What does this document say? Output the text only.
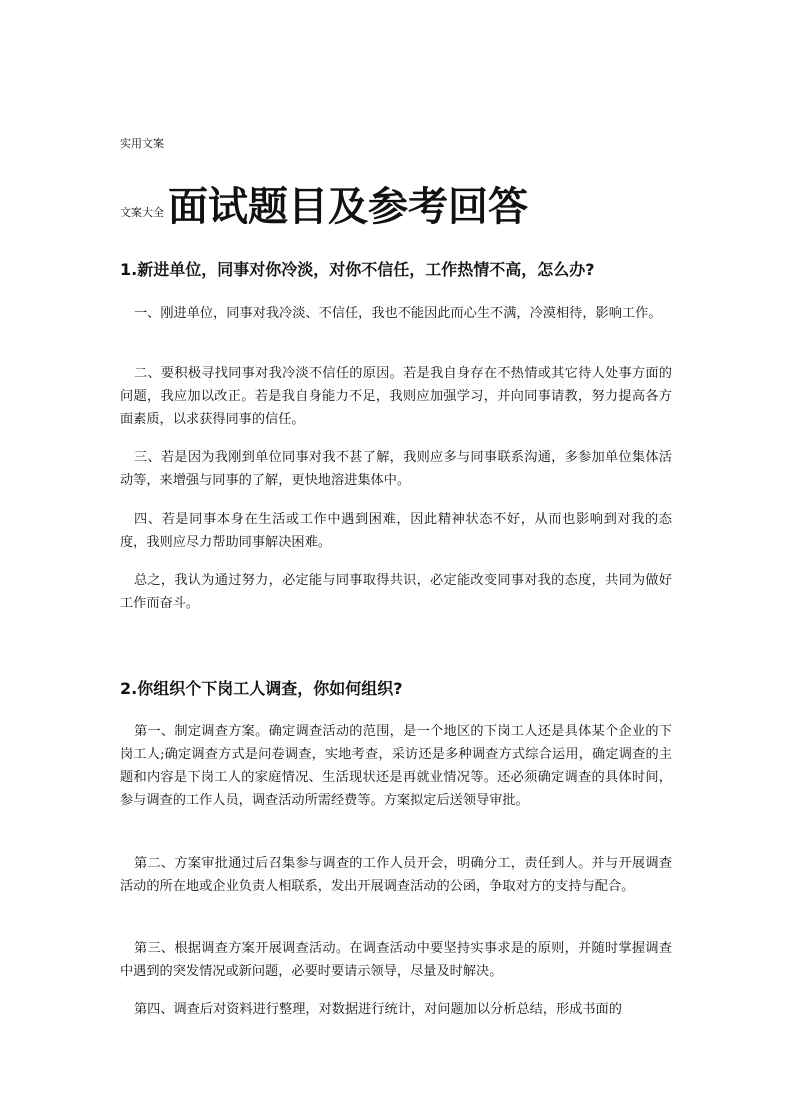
实用文案
文案大全 面试题目及参考回答
1.新进单位，同事对你冷淡，对你不信任，工作热情不高，怎么办?
一、刚进单位，同事对我冷淡、不信任，我也不能因此而心生不满，冷漠相待，影响工作。
二、要积极寻找同事对我冷淡不信任的原因。若是我自身存在不热情或其它待人处事方面的问题，我应加以改正。若是我自身能力不足，我则应加强学习，并向同事请教，努力提高各方面素质，以求获得同事的信任。
三、若是因为我刚到单位同事对我不甚了解，我则应多与同事联系沟通，多参加单位集体活动等，来增强与同事的了解，更快地溶进集体中。
四、若是同事本身在生活或工作中遇到困难，因此精神状态不好，从而也影响到对我的态度，我则应尽力帮助同事解决困难。
总之，我认为通过努力，必定能与同事取得共识，必定能改变同事对我的态度，共同为做好工作而奋斗。
2.你组织个下岗工人调查，你如何组织?
第一、制定调查方案。确定调查活动的范围，是一个地区的下岗工人还是具体某个企业的下岗工人;确定调查方式是问卷调查，实地考查，采访还是多种调查方式综合运用，确定调查的主题和内容是下岗工人的家庭情况、生活现状还是再就业情况等。还必须确定调查的具体时间，参与调查的工作人员，调查活动所需经费等。方案拟定后送领导审批。
第二、方案审批通过后召集参与调查的工作人员开会，明确分工，责任到人。并与开展调查活动的所在地或企业负责人相联系，发出开展调查活动的公函，争取对方的支持与配合。
第三、根据调查方案开展调查活动。在调查活动中要坚持实事求是的原则，并随时掌握调查中遇到的突发情况或新问题，必要时要请示领导，尽量及时解决。
第四、调查后对资料进行整理，对数据进行统计，对问题加以分析总结，形成书面的
